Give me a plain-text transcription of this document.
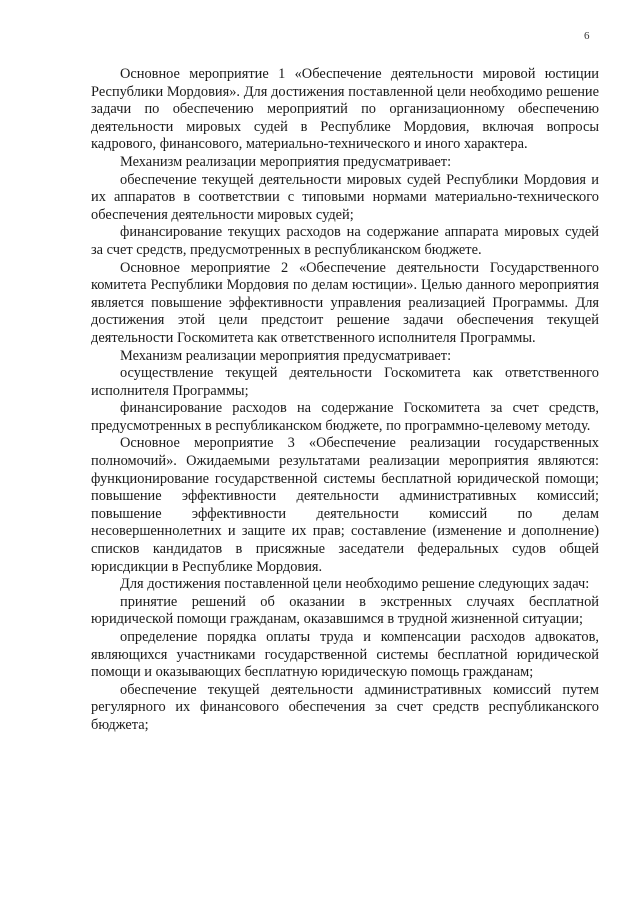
6

Основное мероприятие 1 «Обеспечение деятельности мировой юстиции Республики Мордовия». Для достижения поставленной цели необходимо решение задачи по обеспечению мероприятий по организационному обеспечению деятельности мировых судей в Республике Мордовия, включая вопросы кадрового, финансового, материально-технического и иного характера.

Механизм реализации мероприятия предусматривает:

обеспечение текущей деятельности мировых судей Республики Мордовия и их аппаратов в соответствии с типовыми нормами материально-технического обеспечения деятельности мировых судей;

финансирование текущих расходов на содержание аппарата мировых судей за счет средств, предусмотренных в республиканском бюджете.

Основное мероприятие 2 «Обеспечение деятельности Государственного комитета Республики Мордовия по делам юстиции». Целью данного мероприятия является повышение эффективности управления реализацией Программы. Для достижения этой цели предстоит решение задачи обеспечения текущей деятельности Госкомитета как ответственного исполнителя Программы.

Механизм реализации мероприятия предусматривает:

осуществление текущей деятельности Госкомитета как ответственного исполнителя Программы;

финансирование расходов на содержание Госкомитета за счет средств, предусмотренных в республиканском бюджете, по программно-целевому методу.

Основное мероприятие 3 «Обеспечение реализации государственных полномочий». Ожидаемыми результатами реализации мероприятия являются: функционирование государственной системы бесплатной юридической помощи; повышение эффективности деятельности административных комиссий; повышение эффективности деятельности комиссий по делам несовершеннолетних и защите их прав; составление (изменение и дополнение) списков кандидатов в присяжные заседатели федеральных судов общей юрисдикции в Республике Мордовия.

Для достижения поставленной цели необходимо решение следующих задач:

принятие решений об оказании в экстренных случаях бесплатной юридической помощи гражданам, оказавшимся в трудной жизненной ситуации;

определение порядка оплаты труда и компенсации расходов адвокатов, являющихся участниками государственной системы бесплатной юридической помощи и оказывающих бесплатную юридическую помощь гражданам;

обеспечение текущей деятельности административных комиссий путем регулярного их финансового обеспечения за счет средств республиканского бюджета;
